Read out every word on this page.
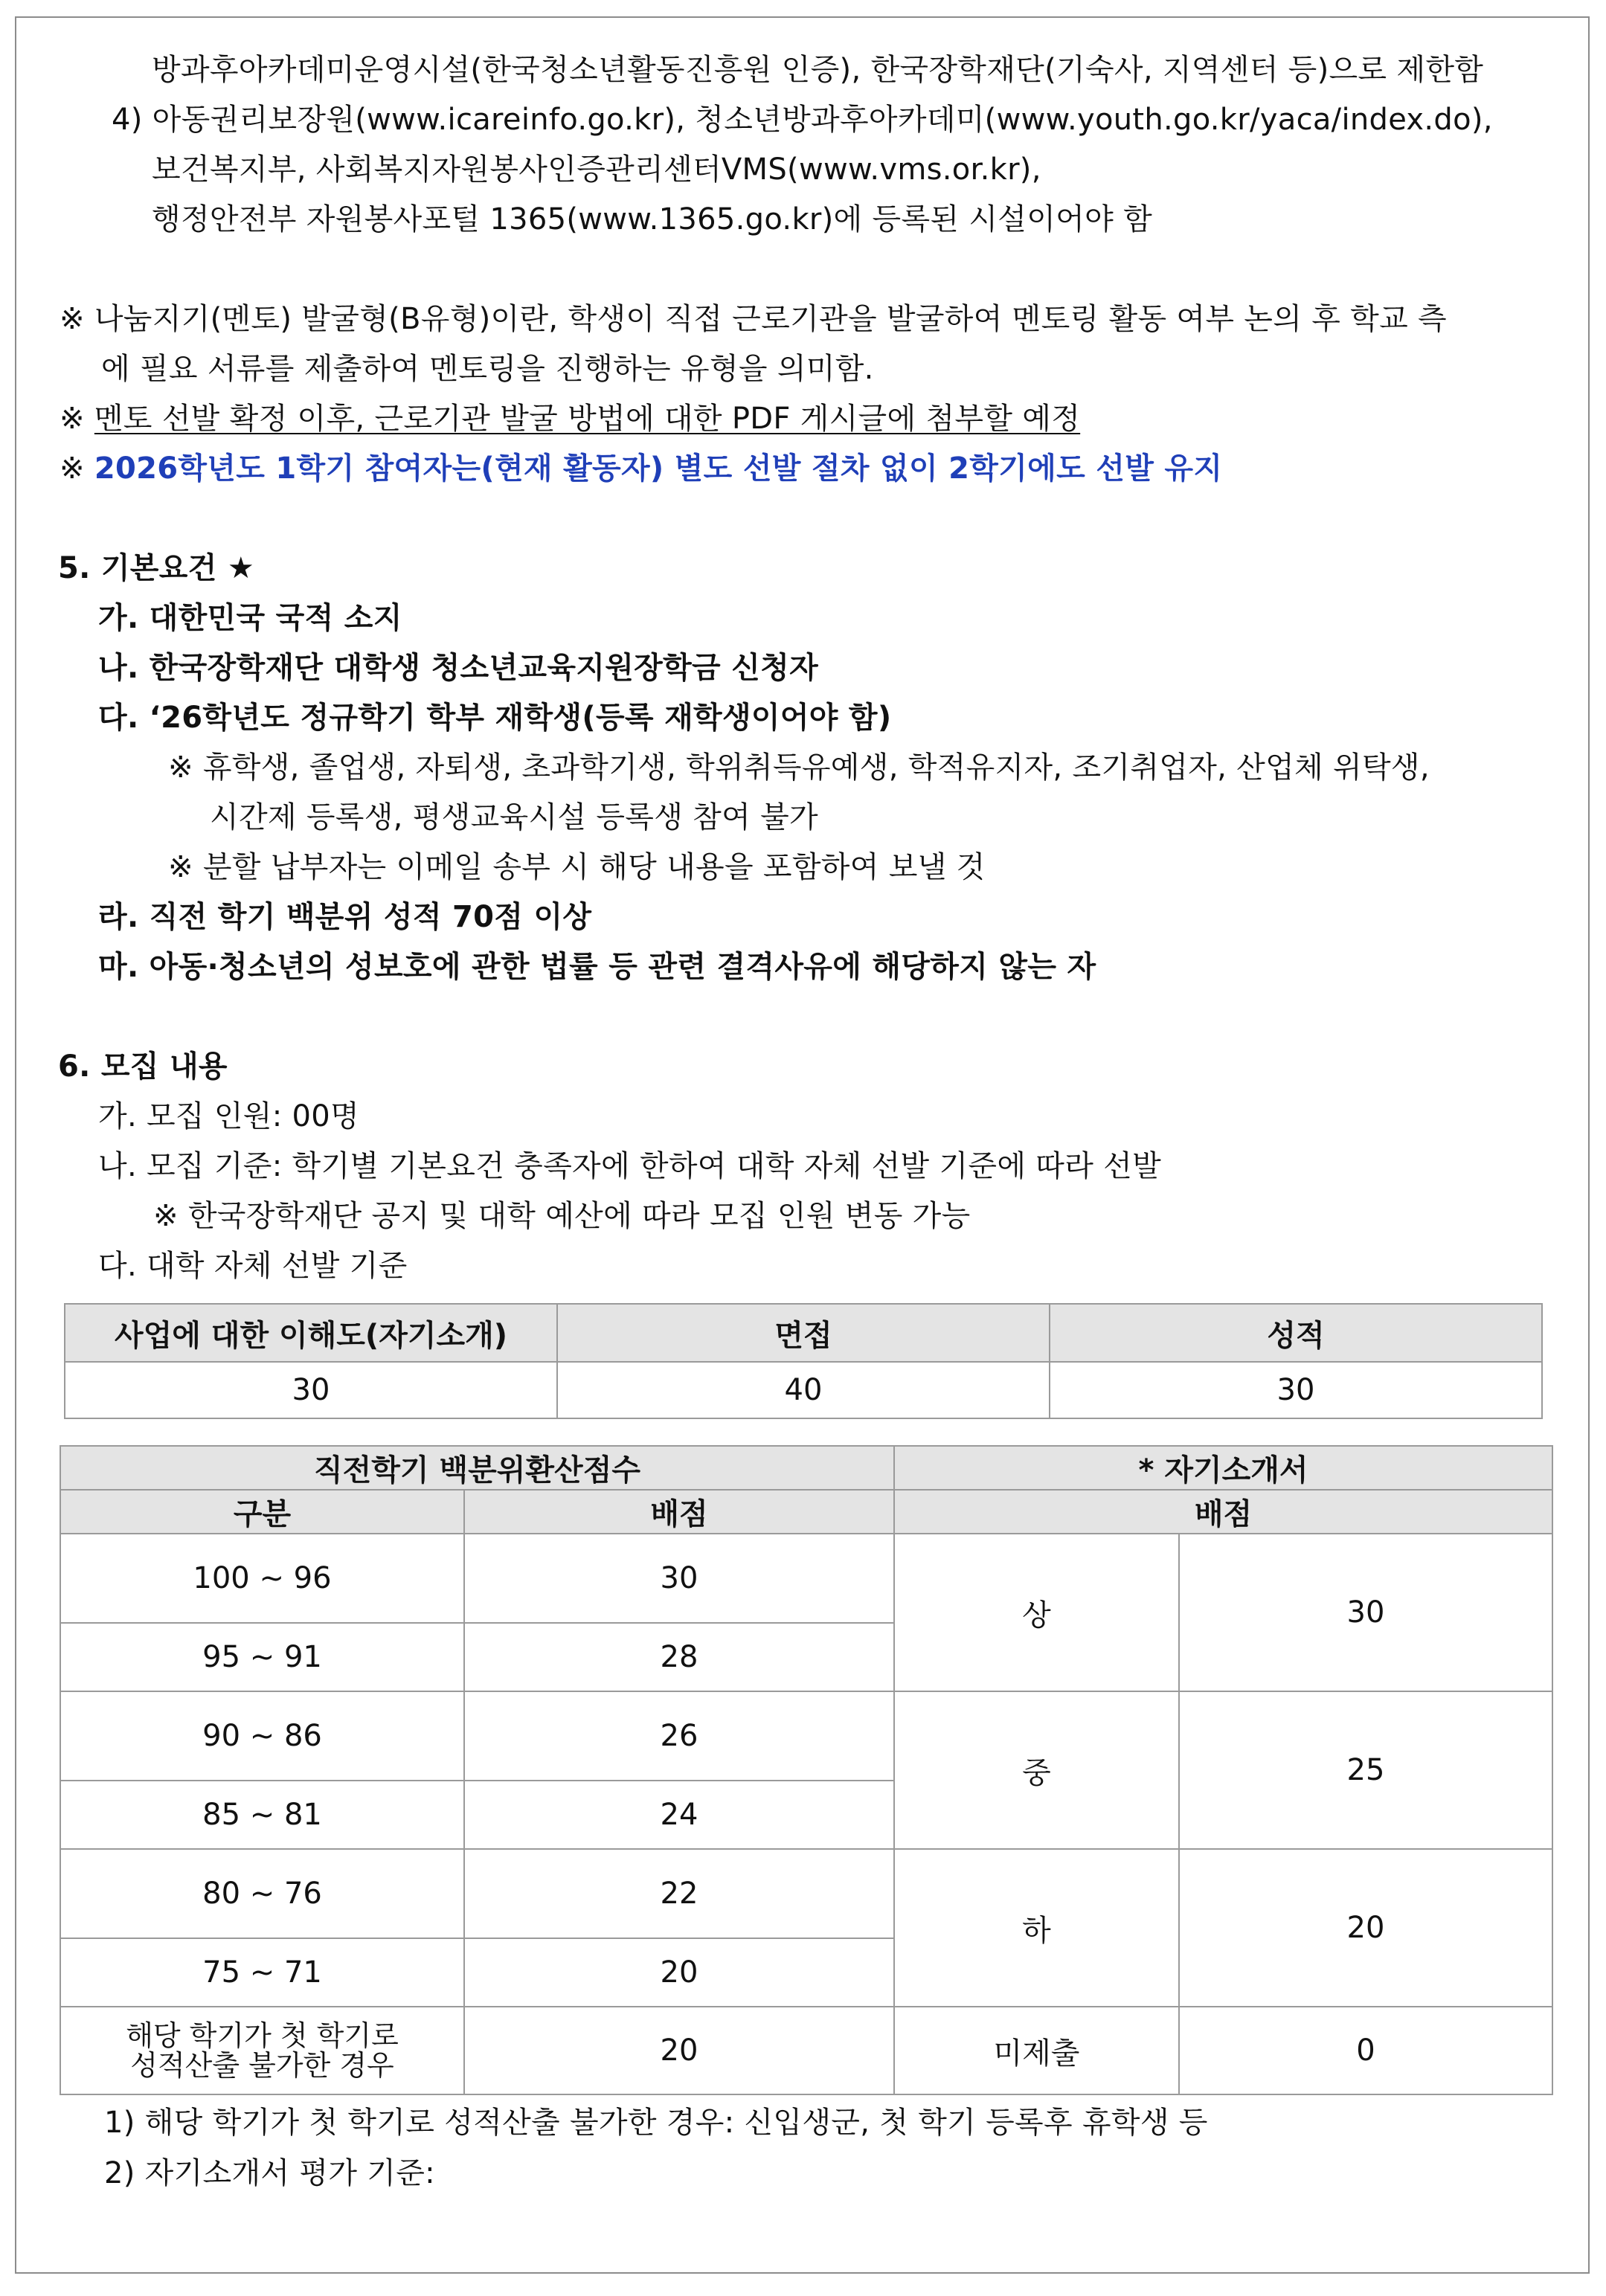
방과후아카데미운영시설(한국청소년활동진흥원 인증), 한국장학재단(기숙사, 지역센터 등)으로 제한함
4) 아동권리보장원(www.icareinfo.go.kr), 청소년방과후아카데미(www.youth.go.kr/yaca/index.do),
보건복지부, 사회복지자원봉사인증관리센터VMS(www.vms.or.kr),
행정안전부 자원봉사포털 1365(www.1365.go.kr)에 등록된 시설이어야 함
※ 나눔지기(멘토) 발굴형(B유형)이란, 학생이 직접 근로기관을 발굴하여 멘토링 활동 여부 논의 후 학교 측
에 필요 서류를 제출하여 멘토링을 진행하는 유형을 의미함.
※ 멘토 선발 확정 이후, 근로기관 발굴 방법에 대한 PDF 게시글에 첨부할 예정
※ 2026학년도 1학기 참여자는(현재 활동자) 별도 선발 절차 없이 2학기에도 선발 유지
5. 기본요건 ★
가. 대한민국 국적 소지
나. 한국장학재단 대학생 청소년교육지원장학금 신청자
다. ‘26학년도 정규학기 학부 재학생(등록 재학생이어야 함)
※ 휴학생, 졸업생, 자퇴생, 초과학기생, 학위취득유예생, 학적유지자, 조기취업자, 산업체 위탁생,
시간제 등록생, 평생교육시설 등록생 참여 불가
※ 분할 납부자는 이메일 송부 시 해당 내용을 포함하여 보낼 것
라. 직전 학기 백분위 성적 70점 이상
마. 아동·청소년의 성보호에 관한 법률 등 관련 결격사유에 해당하지 않는 자
6. 모집 내용
가. 모집 인원: 00명
나. 모집 기준: 학기별 기본요건 충족자에 한하여 대학 자체 선발 기준에 따라 선발
※ 한국장학재단 공지 및 대학 예산에 따라 모집 인원 변동 가능
다. 대학 자체 선발 기준
사업에 대한 이해도(자기소개)	면접	성적
30	40	30
직전학기 백분위환산점수		* 자기소개서	
구분	배점	배점	
100 ~ 96	30	상	30
95 ~ 91	28		
90 ~ 86	26	중	25
85 ~ 81	24		
80 ~ 76	22	하	20
75 ~ 71	20		

해당 학기가 첫 학기로
성적산출 불가한 경우	20	미제출	0
1) 해당 학기가 첫 학기로 성적산출 불가한 경우: 신입생군, 첫 학기 등록후 휴학생 등
2) 자기소개서 평가 기준:
